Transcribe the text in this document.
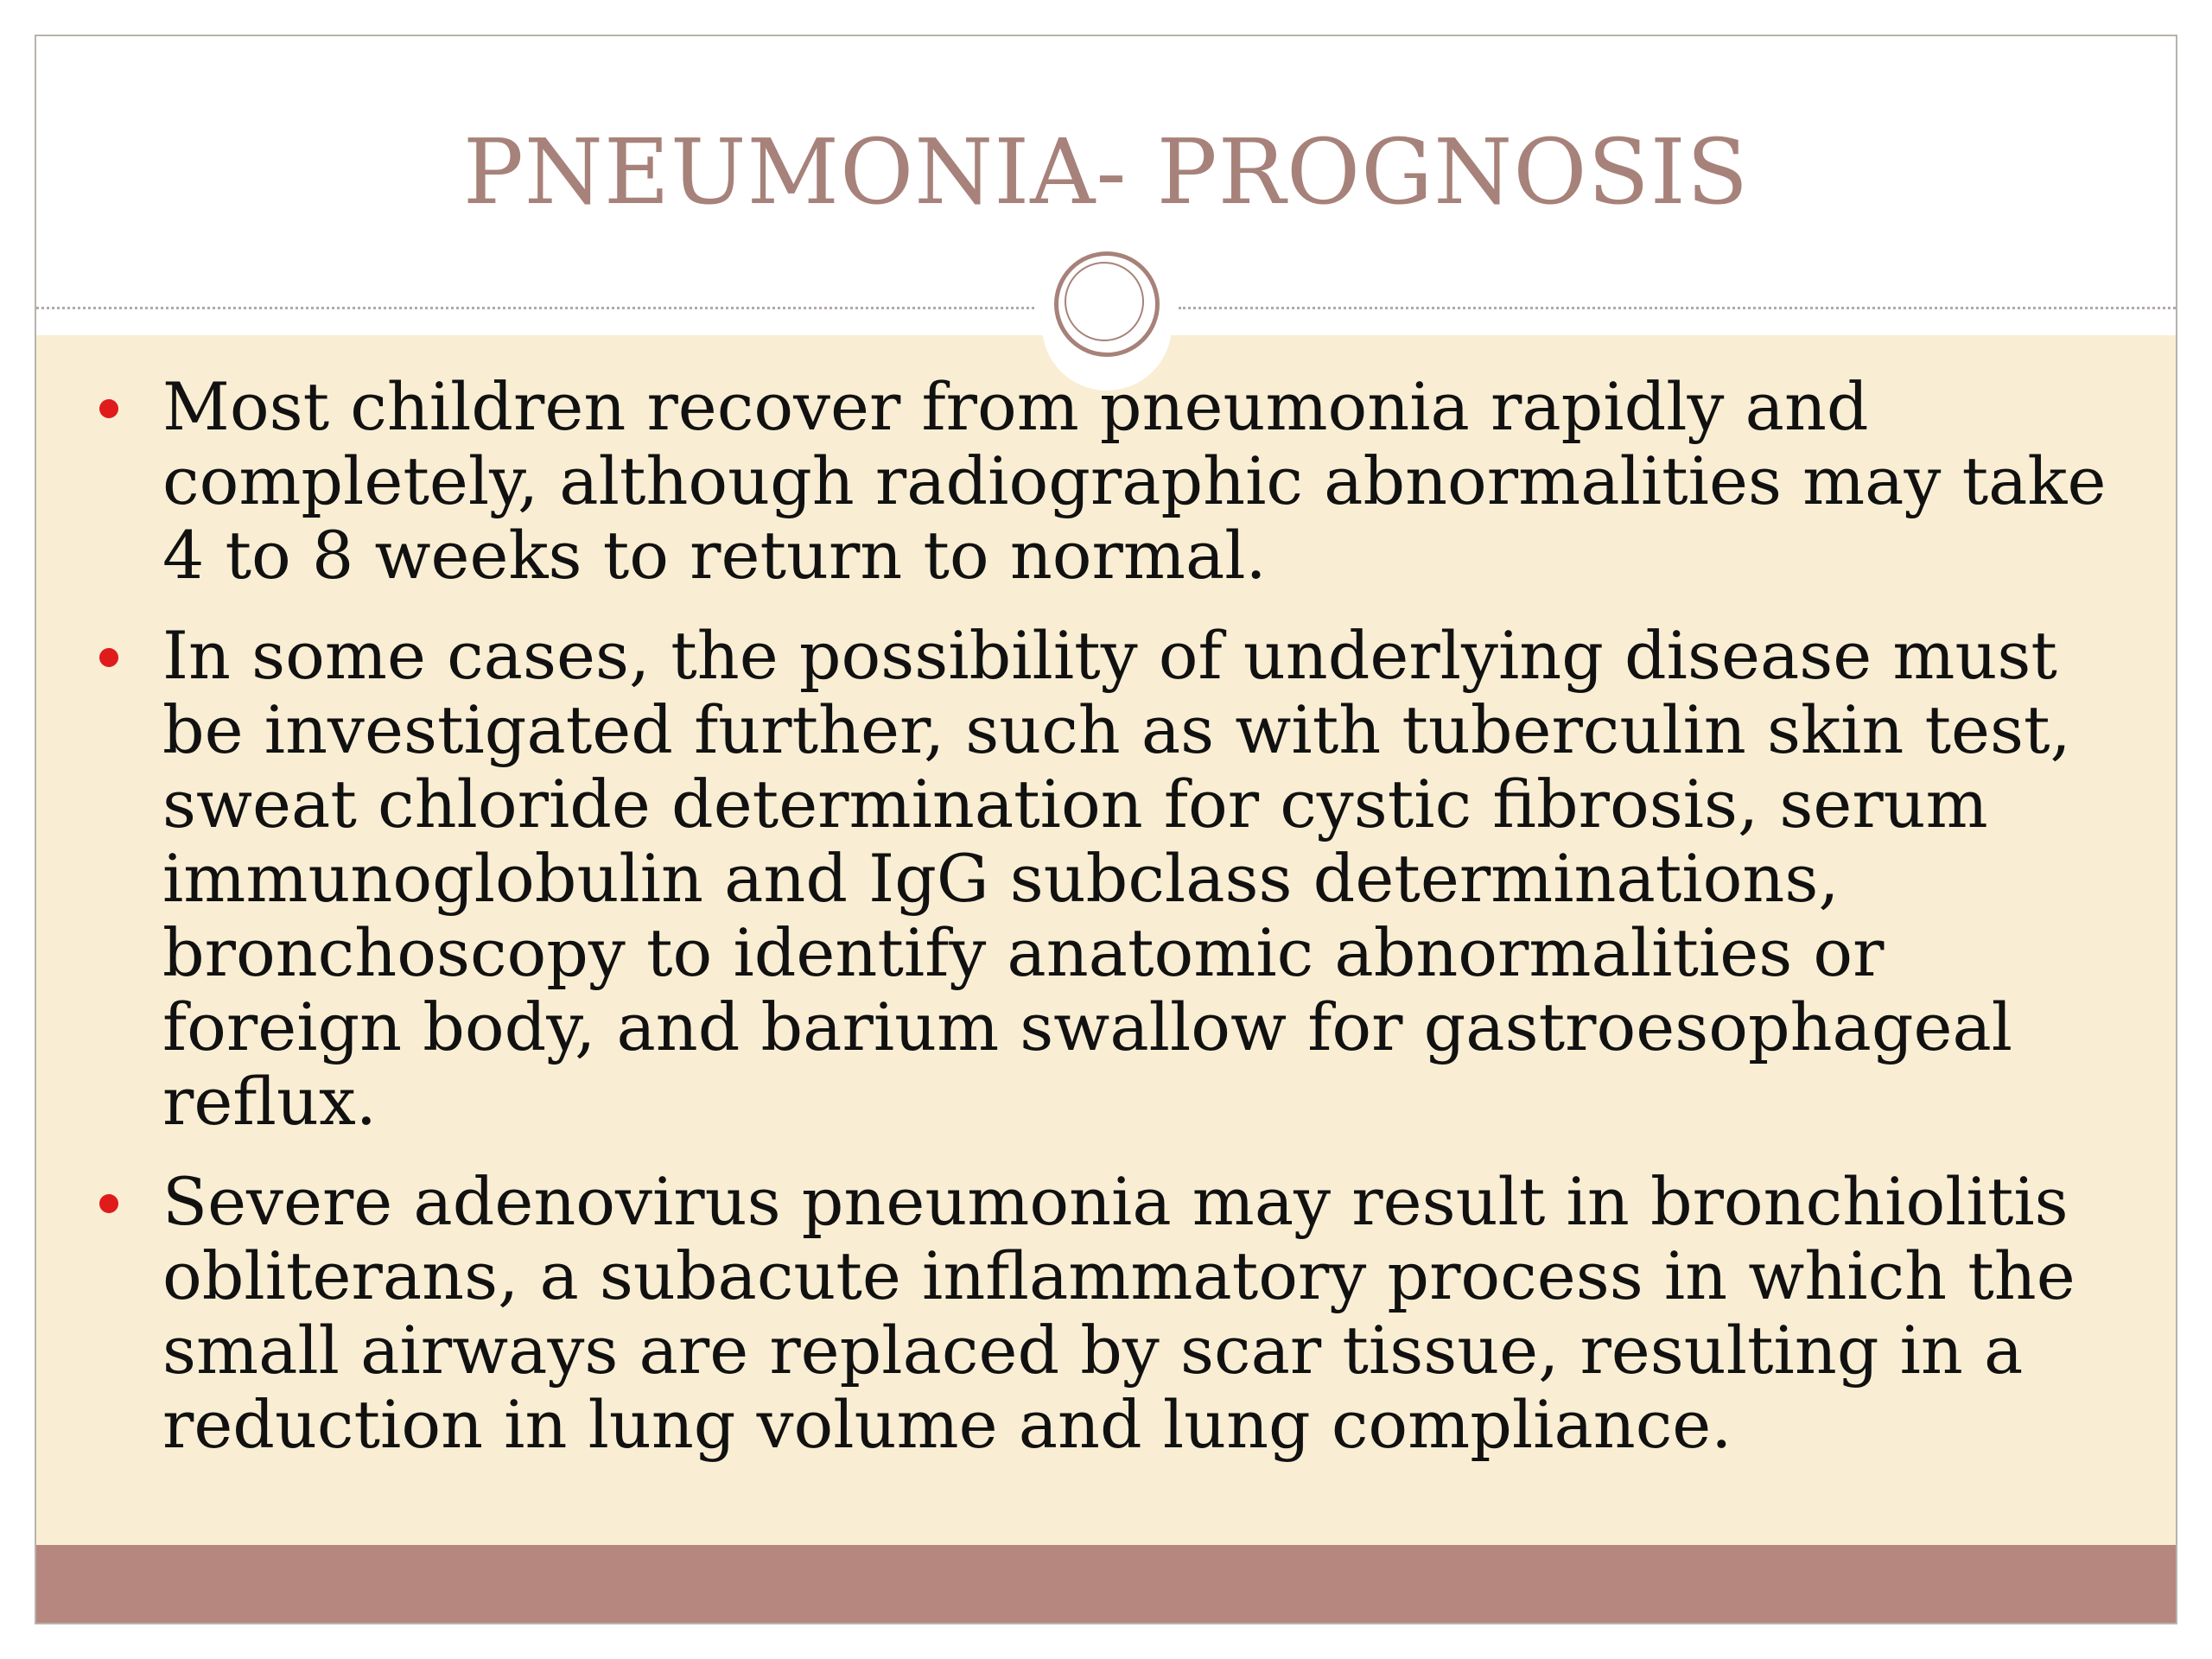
PNEUMONIA- PROGNOSIS
Most children recover from pneumonia rapidly and completely, although radiographic abnormalities may take 4 to 8 weeks to return to normal.
In some cases, the possibility of underlying disease must be investigated further, such as with tuberculin skin test, sweat chloride determination for cystic fibrosis, serum immunoglobulin and IgG subclass determinations, bronchoscopy to identify anatomic abnormalities or foreign body, and barium swallow for gastroesophageal reflux.
Severe adenovirus pneumonia may result in bronchiolitis obliterans, a subacute inflammatory process in which the small airways are replaced by scar tissue, resulting in a reduction in lung volume and lung compliance.
